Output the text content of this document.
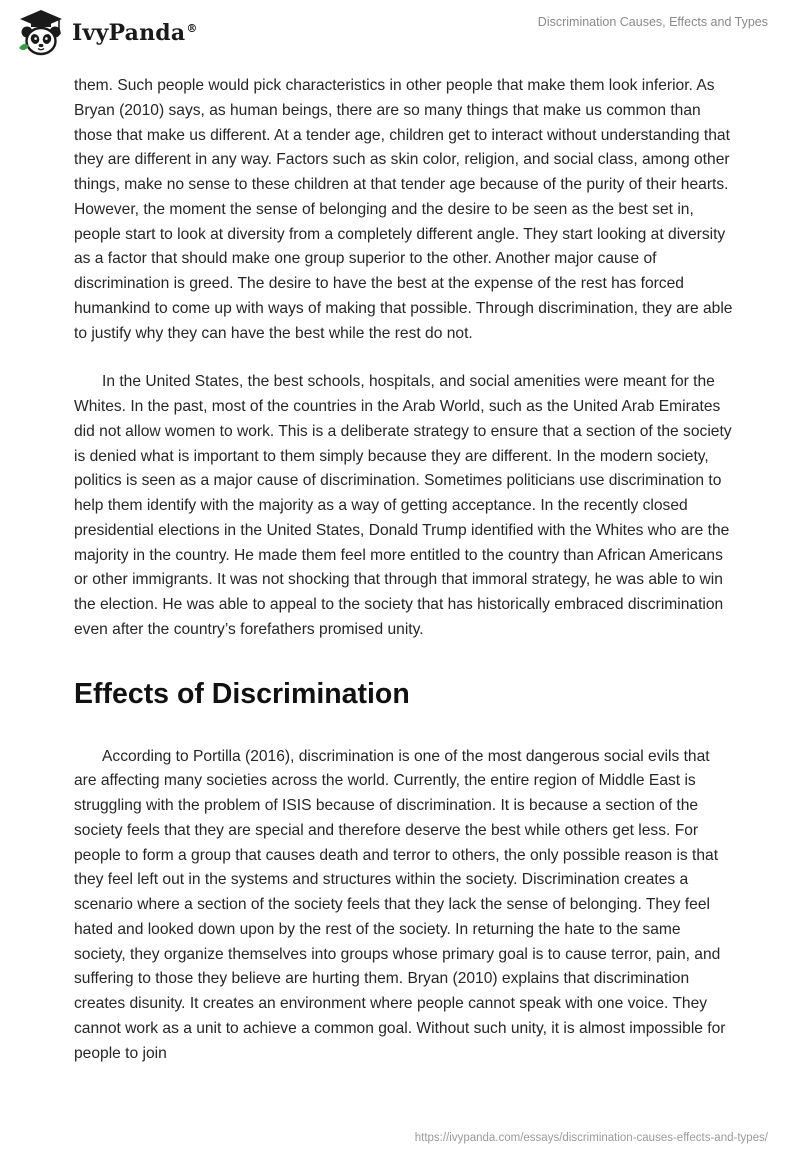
IvyPanda®	Discrimination Causes, Effects and Types

them. Such people would pick characteristics in other people that make them look inferior. As Bryan (2010) says, as human beings, there are so many things that make us common than those that make us different. At a tender age, children get to interact without understanding that they are different in any way. Factors such as skin color, religion, and social class, among other things, make no sense to these children at that tender age because of the purity of their hearts. However, the moment the sense of belonging and the desire to be seen as the best set in, people start to look at diversity from a completely different angle. They start looking at diversity as a factor that should make one group superior to the other. Another major cause of discrimination is greed. The desire to have the best at the expense of the rest has forced humankind to come up with ways of making that possible. Through discrimination, they are able to justify why they can have the best while the rest do not.

In the United States, the best schools, hospitals, and social amenities were meant for the Whites. In the past, most of the countries in the Arab World, such as the United Arab Emirates did not allow women to work. This is a deliberate strategy to ensure that a section of the society is denied what is important to them simply because they are different. In the modern society, politics is seen as a major cause of discrimination. Sometimes politicians use discrimination to help them identify with the majority as a way of getting acceptance. In the recently closed presidential elections in the United States, Donald Trump identified with the Whites who are the majority in the country. He made them feel more entitled to the country than African Americans or other immigrants. It was not shocking that through that immoral strategy, he was able to win the election. He was able to appeal to the society that has historically embraced discrimination even after the country’s forefathers promised unity.

Effects of Discrimination

According to Portilla (2016), discrimination is one of the most dangerous social evils that are affecting many societies across the world. Currently, the entire region of Middle East is struggling with the problem of ISIS because of discrimination. It is because a section of the society feels that they are special and therefore deserve the best while others get less. For people to form a group that causes death and terror to others, the only possible reason is that they feel left out in the systems and structures within the society. Discrimination creates a scenario where a section of the society feels that they lack the sense of belonging. They feel hated and looked down upon by the rest of the society. In returning the hate to the same society, they organize themselves into groups whose primary goal is to cause terror, pain, and suffering to those they believe are hurting them. Bryan (2010) explains that discrimination creates disunity. It creates an environment where people cannot speak with one voice. They cannot work as a unit to achieve a common goal. Without such unity, it is almost impossible for people to join

https://ivypanda.com/essays/discrimination-causes-effects-and-types/
